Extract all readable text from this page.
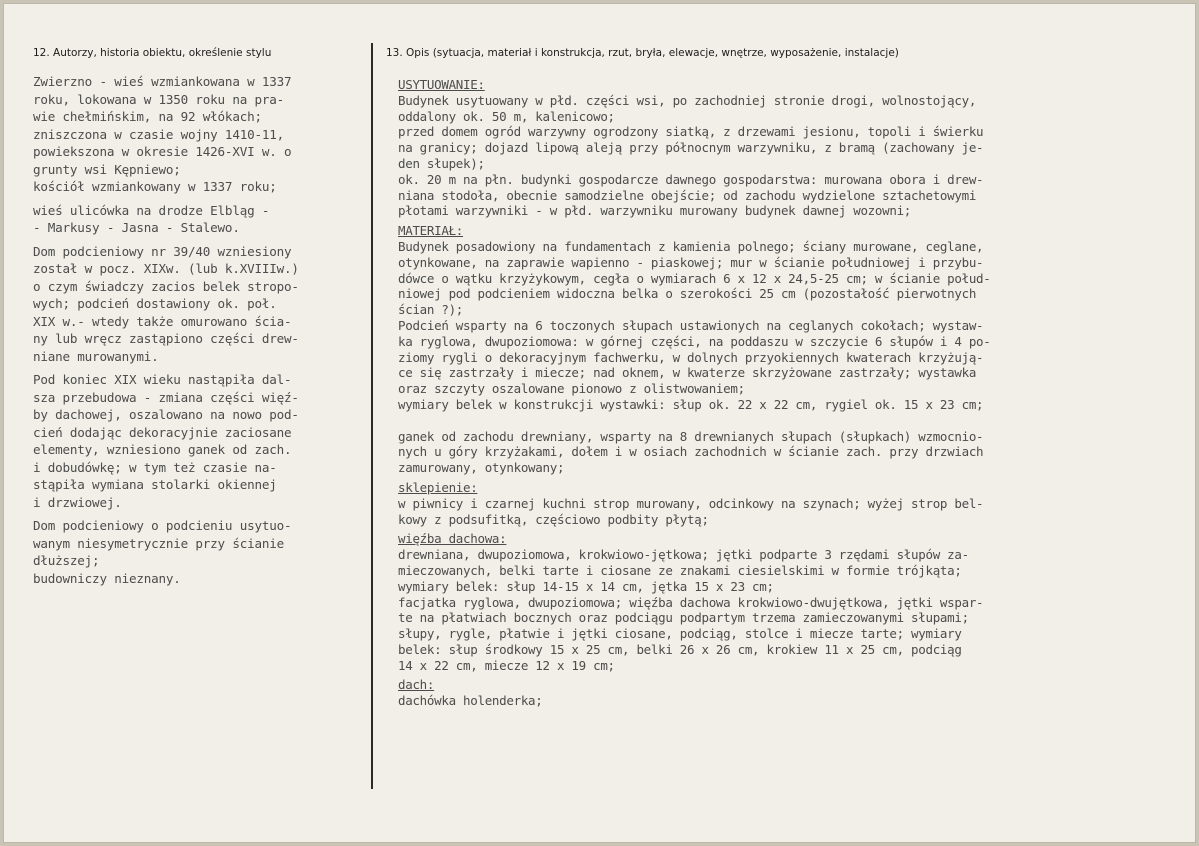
12. Autorzy, historia obiektu, określenie stylu	13. Opis (sytuacja, materiał i konstrukcja, rzut, bryła, elewacje, wnętrze, wyposażenie, instalacje)
Zwierzno - wieś wzmiankowana w 1337
roku, lokowana w 1350 roku na pra-
wie chełmińskim, na 92 włókach;
zniszczona w czasie wojny 1410-11,
powiekszona w okresie 1426-XVI w. o
grunty wsi Kępniewo;
kościół wzmiankowany w 1337 roku;
wieś ulicówka na drodze Elbląg -
- Markusy - Jasna - Stalewo.
Dom podcieniowy nr 39/40 wzniesiony
został w pocz. XIXw. (lub k.XVIIIw.)
o czym świadczy zacios belek stropo-
wych; podcień dostawiony ok. poł.
XIX w.- wtedy także omurowano ścia-
ny lub wręcz zastąpiono części drew-
niane murowanymi.
Pod koniec XIX wieku nastąpiła dal-
sza przebudowa - zmiana części więź-
by dachowej, oszalowano na nowo pod-
cień dodając dekoracyjnie zaciosane
elementy, wzniesiono ganek od zach.
i dobudówkę; w tym też czasie na-
stąpiła wymiana stolarki okiennej
i drzwiowej.
Dom podcieniowy o podcieniu usytuo-
wanym niesymetrycznie przy ścianie
dłuższej;
budowniczy nieznany.
USYTUOWANIE:
Budynek usytuowany w płd. części wsi, po zachodniej stronie drogi, wolnostojący,
oddalony ok. 50 m, kalenicowo;
przed domem ogród warzywny ogrodzony siatką, z drzewami jesionu, topoli i świerku
na granicy; dojazd lipową aleją przy północnym warzywniku, z bramą (zachowany je-
den słupek);
ok. 20 m na płn. budynki gospodarcze dawnego gospodarstwa: murowana obora i drew-
niana stodoła, obecnie samodzielne obejście; od zachodu wydzielone sztachetowymi
płotami warzywniki - w płd. warzywniku murowany budynek dawnej wozowni;
MATERIAŁ:
Budynek posadowiony na fundamentach z kamienia polnego; ściany murowane, ceglane,
otynkowane, na zaprawie wapienno - piaskowej; mur w ścianie południowej i przybu-
dówce o wątku krzyżykowym, cegła o wymiarach 6 x 12 x 24,5-25 cm; w ścianie połud-
niowej pod podcieniem widoczna belka o szerokości 25 cm (pozostałość pierwotnych
ścian ?);
Podcień wsparty na 6 toczonych słupach ustawionych na ceglanych cokołach; wystaw-
ka ryglowa, dwupoziomowa: w górnej części, na poddaszu w szczycie 6 słupów i 4 po-
ziomy rygli o dekoracyjnym fachwerku, w dolnych przyokiennych kwaterach krzyżują-
ce się zastrzały i miecze; nad oknem, w kwaterze skrzyżowane zastrzały; wystawka
oraz szczyty oszalowane pionowo z olistwowaniem;
wymiary belek w konstrukcji wystawki: słup ok. 22 x 22 cm, rygiel ok. 15 x 23 cm;

ganek od zachodu drewniany, wsparty na 8 drewnianych słupach (słupkach) wzmocnio-
nych u góry krzyżakami, dołem i w osiach zachodnich w ścianie zach. przy drzwiach
zamurowany, otynkowany;
sklepienie:
w piwnicy i czarnej kuchni strop murowany, odcinkowy na szynach; wyżej strop bel-
kowy z podsufitką, częściowo podbity płytą;
więźba dachowa:
drewniana, dwupoziomowa, krokwiowo-jętkowa; jętki podparte 3 rzędami słupów za-
mieczowanych, belki tarte i ciosane ze znakami ciesielskimi w formie trójkąta;
wymiary belek: słup 14-15 x 14 cm, jętka 15 x 23 cm;
facjatka ryglowa, dwupoziomowa; więźba dachowa krokwiowo-dwujętkowa, jętki wspar-
te na płatwiach bocznych oraz podciągu podpartym trzema zamieczowanymi słupami;
słupy, rygle, płatwie i jętki ciosane, podciąg, stolce i miecze tarte; wymiary
belek: słup środkowy 15 x 25 cm, belki 26 x 26 cm, krokiew 11 x 25 cm, podciąg
14 x 22 cm, miecze 12 x 19 cm;
dach:
dachówka holenderka;
